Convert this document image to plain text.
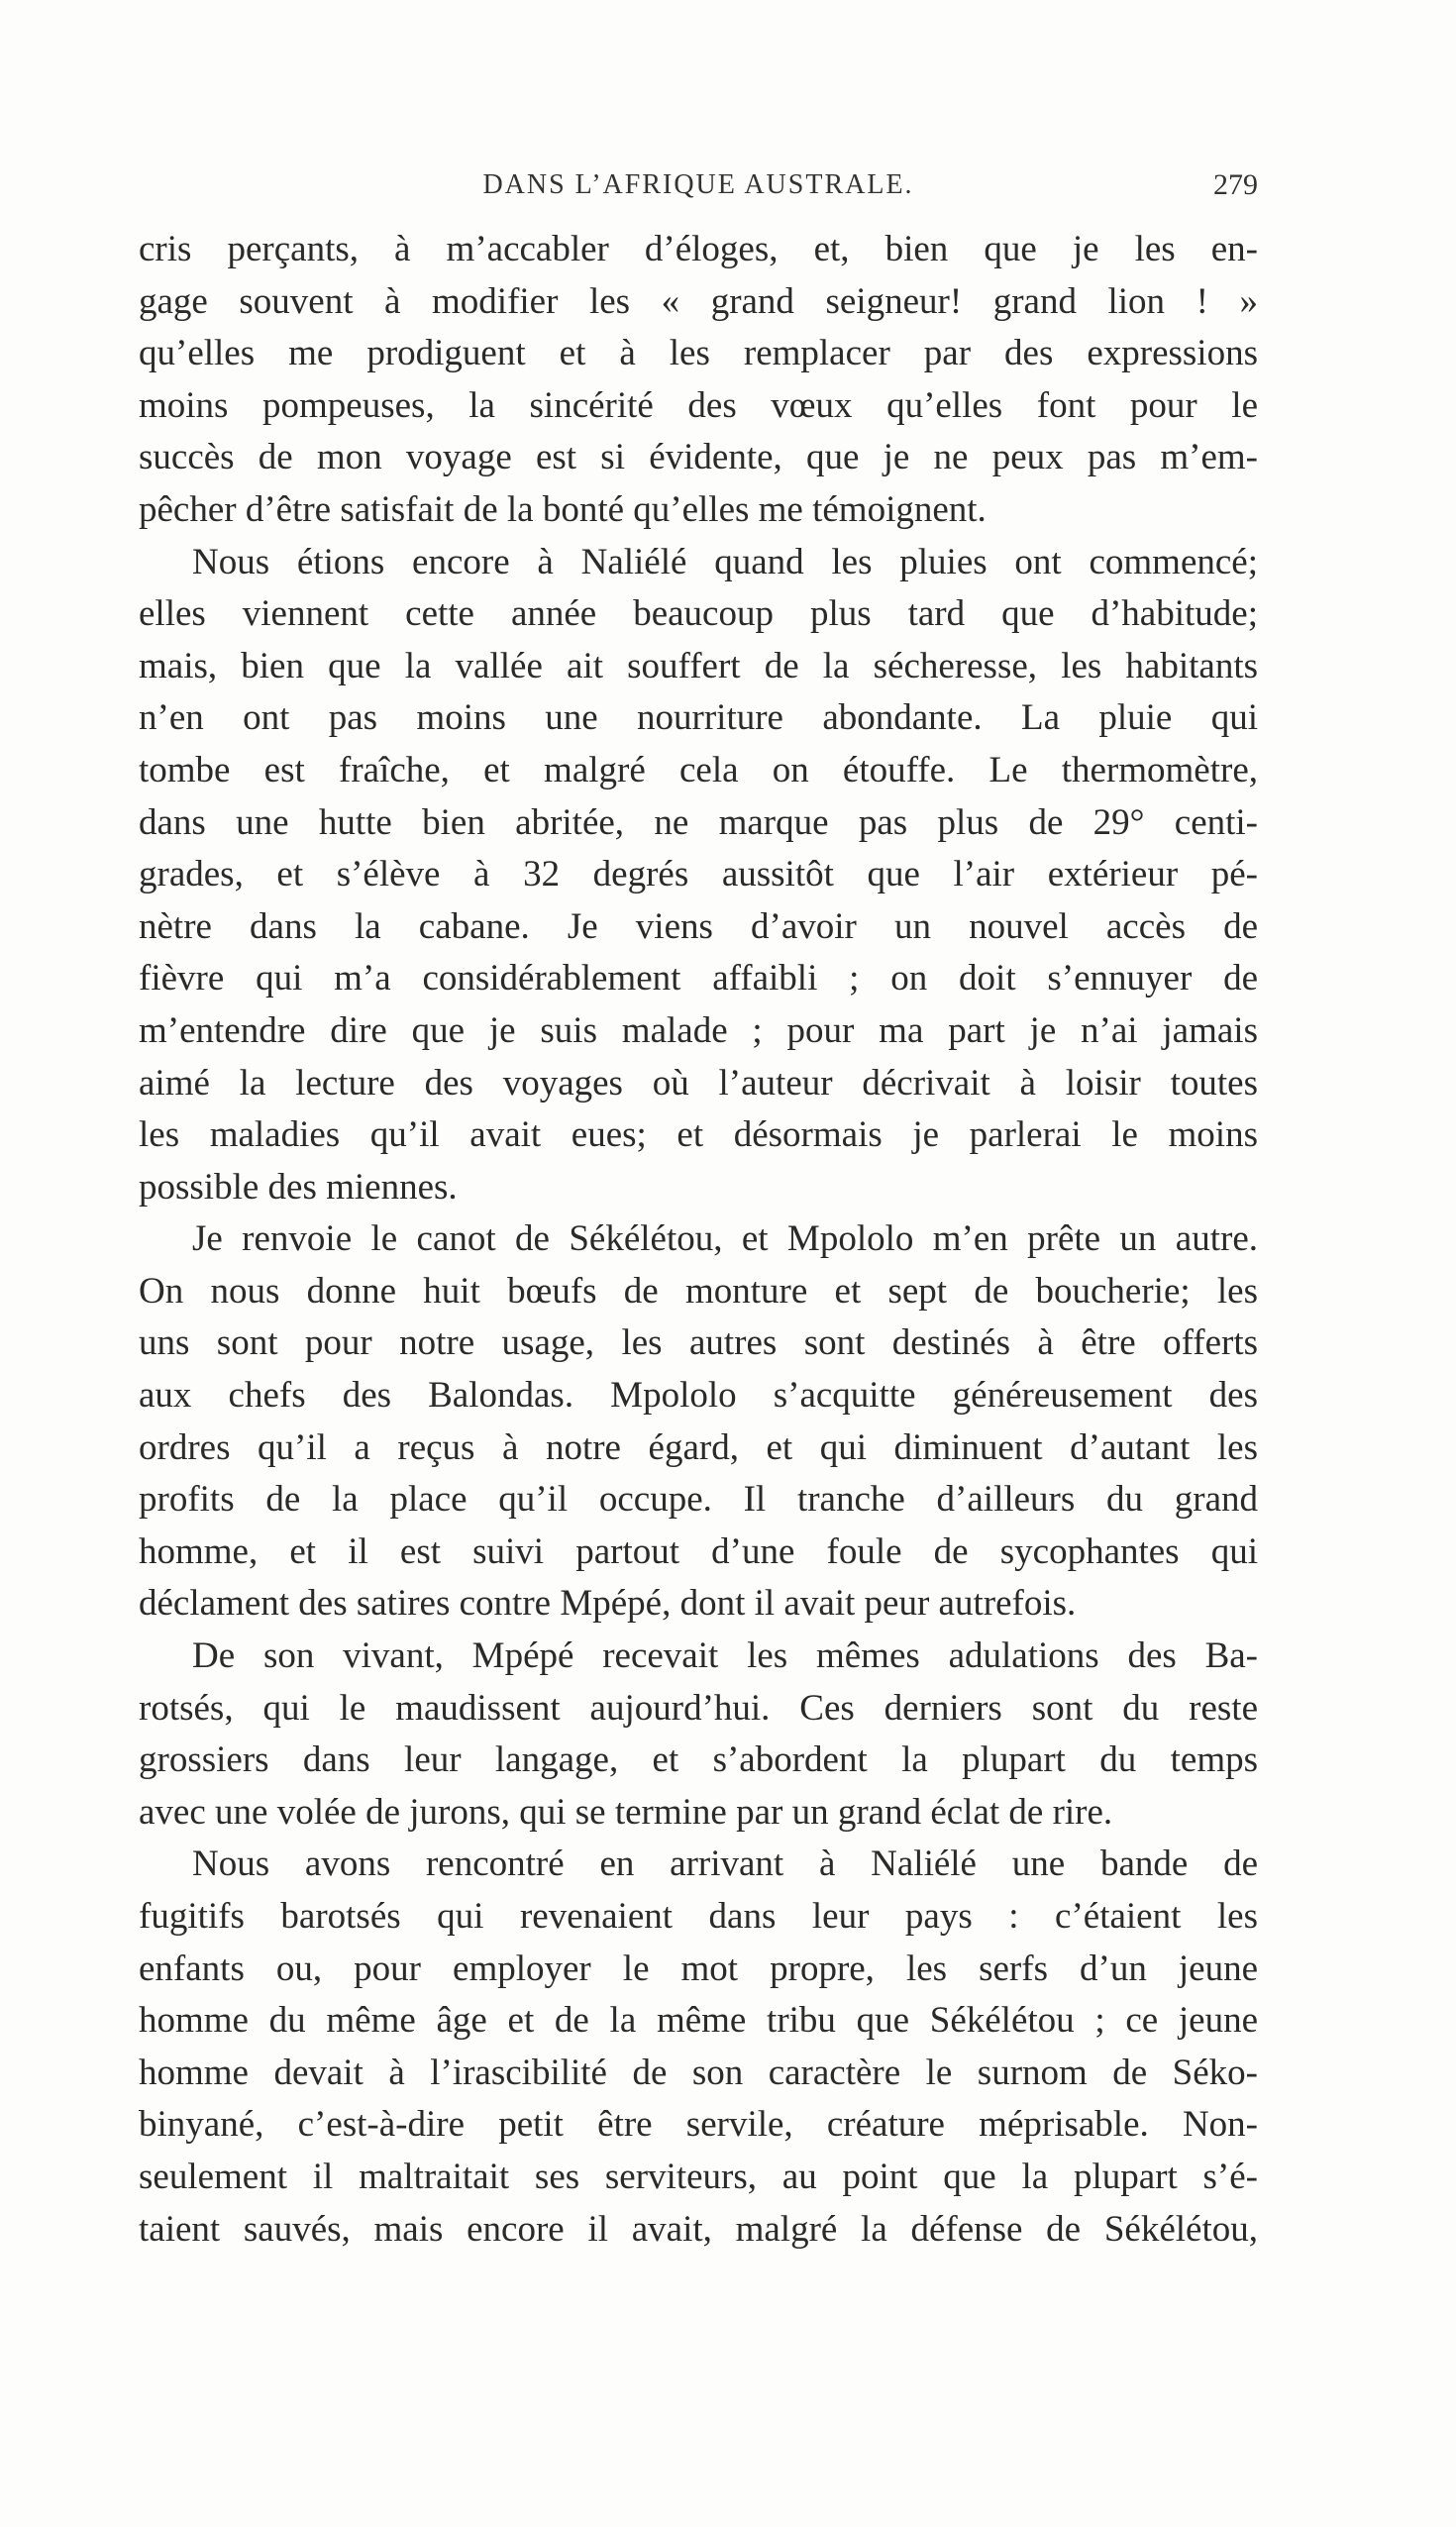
DANS L’AFRIQUE AUSTRALE.	279
cris perçants, à m’accabler d’éloges, et, bien que je les en-
gage souvent à modifier les « grand seigneur! grand lion ! »
qu’elles me prodiguent et à les remplacer par des expressions
moins pompeuses, la sincérité des vœux qu’elles font pour le
succès de mon voyage est si évidente, que je ne peux pas m’em-
pêcher d’être satisfait de la bonté qu’elles me témoignent.
Nous étions encore à Naliélé quand les pluies ont commencé;
elles viennent cette année beaucoup plus tard que d’habitude;
mais, bien que la vallée ait souffert de la sécheresse, les habitants
n’en ont pas moins une nourriture abondante. La pluie qui
tombe est fraîche, et malgré cela on étouffe. Le thermomètre,
dans une hutte bien abritée, ne marque pas plus de 29° centi-
grades, et s’élève à 32 degrés aussitôt que l’air extérieur pé-
nètre dans la cabane. Je viens d’avoir un nouvel accès de
fièvre qui m’a considérablement affaibli ; on doit s’ennuyer de
m’entendre dire que je suis malade ; pour ma part je n’ai jamais
aimé la lecture des voyages où l’auteur décrivait à loisir toutes
les maladies qu’il avait eues; et désormais je parlerai le moins
possible des miennes.
Je renvoie le canot de Sékélétou, et Mpololo m’en prête un autre.
On nous donne huit bœufs de monture et sept de boucherie; les
uns sont pour notre usage, les autres sont destinés à être offerts
aux chefs des Balondas. Mpololo s’acquitte généreusement des
ordres qu’il a reçus à notre égard, et qui diminuent d’autant les
profits de la place qu’il occupe. Il tranche d’ailleurs du grand
homme, et il est suivi partout d’une foule de sycophantes qui
déclament des satires contre Mpépé, dont il avait peur autrefois.
De son vivant, Mpépé recevait les mêmes adulations des Ba-
rotsés, qui le maudissent aujourd’hui. Ces derniers sont du reste
grossiers dans leur langage, et s’abordent la plupart du temps
avec une volée de jurons, qui se termine par un grand éclat de rire.
Nous avons rencontré en arrivant à Naliélé une bande de
fugitifs barotsés qui revenaient dans leur pays : c’étaient les
enfants ou, pour employer le mot propre, les serfs d’un jeune
homme du même âge et de la même tribu que Sékélétou ; ce jeune
homme devait à l’irascibilité de son caractère le surnom de Séko-
binyané, c’est-à-dire petit être servile, créature méprisable. Non-
seulement il maltraitait ses serviteurs, au point que la plupart s’é-
taient sauvés, mais encore il avait, malgré la défense de Sékélétou,
